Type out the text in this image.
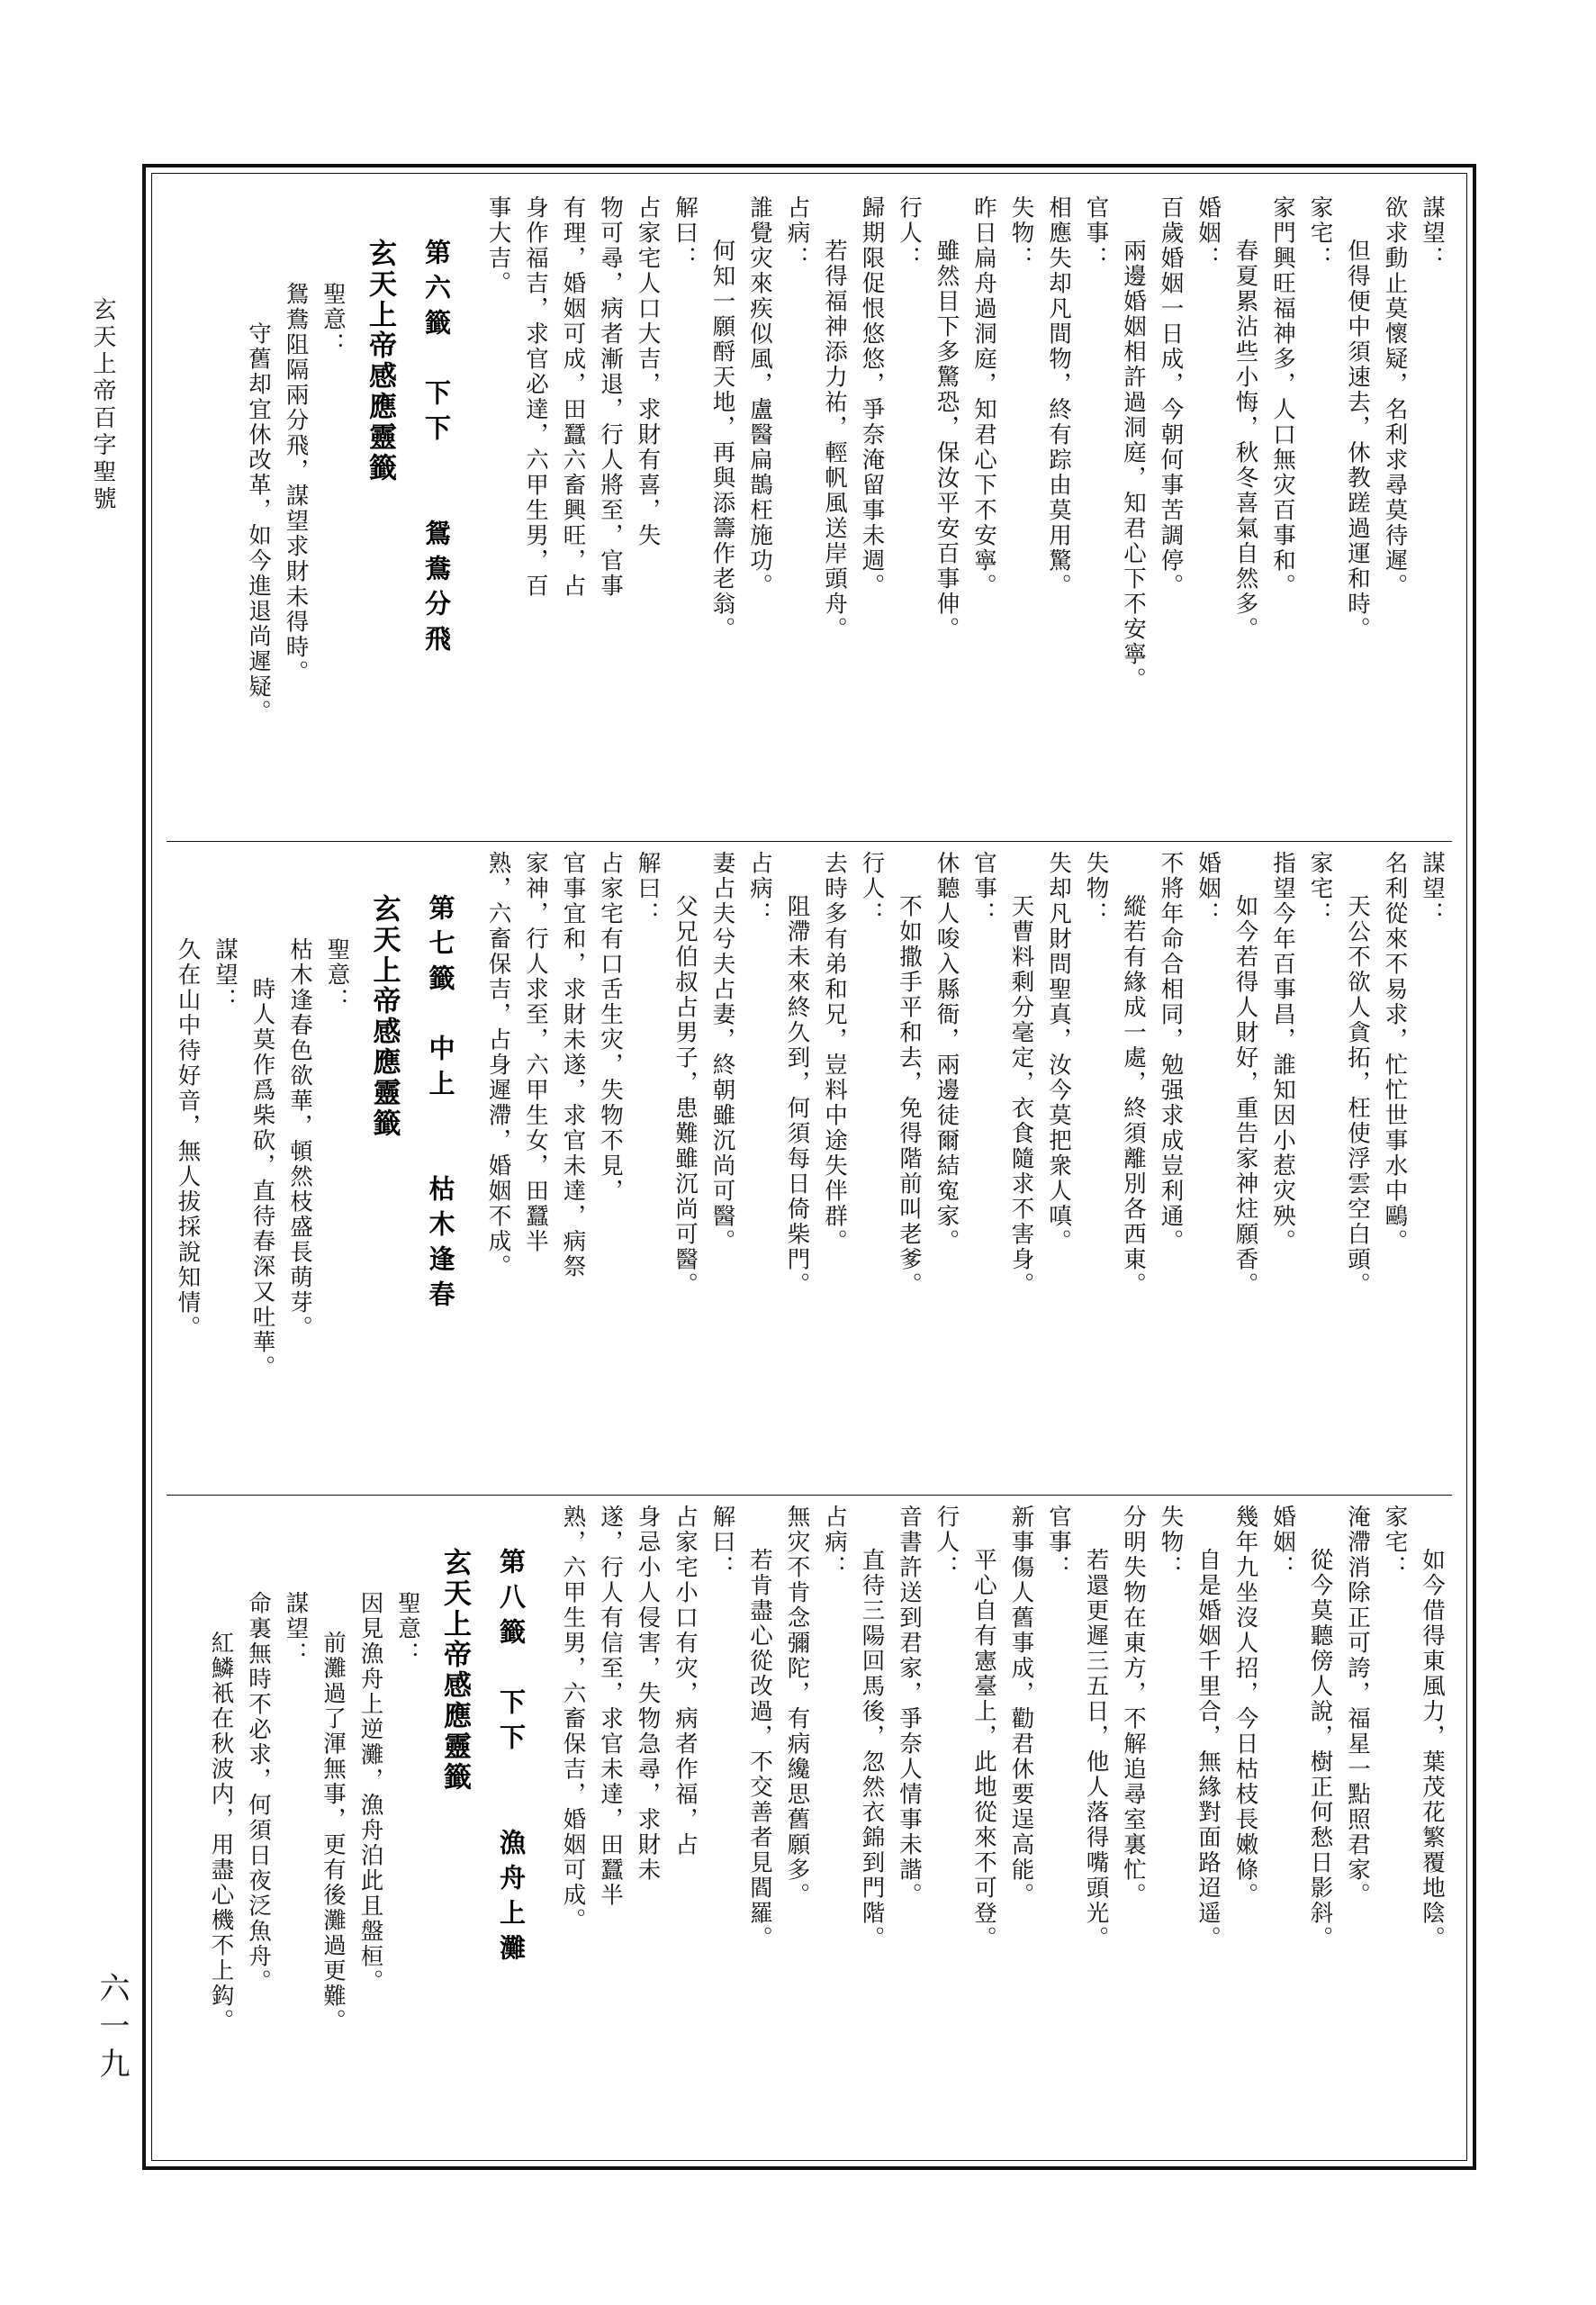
玄天上帝百字聖號
六一九
謀望：
欲求動止莫懷疑，名利求尋莫待遲。
但得便中須速去，休教蹉過運和時。
家宅：
家門興旺福神多，人口無灾百事和。
春夏累沾些小悔，秋冬喜氣自然多。
婚姻：
百歲婚姻一日成，今朝何事苦調停。
兩邊婚姻相許過洞庭，知君心下不安寧。
官事：
相應失却凡間物，終有踪由莫用驚。
失物：
昨日扁舟過洞庭，知君心下不安寧。
雖然目下多驚恐，保汝平安百事伸。
行人：
歸期限促恨悠悠，爭奈淹留事未週。
若得福神添力祐，輕帆風送岸頭舟。
占病：
誰覺灾來疾似風，盧醫扁鵲枉施功。
何知一願酹天地，再與添籌作老翁。
解曰：
占家宅人口大吉，求財有喜，失
物可尋，病者漸退，行人將至，官事
有理，婚姻可成，田蠶六畜興旺，占
身作福吉，求官必達，六甲生男，百
事大吉。
第六籤　下下　　鴛鴦分飛
玄天上帝感應靈籤
聖意：
鴛鴦阻隔兩分飛，謀望求財未得時。
守舊却宜休改革，如今進退尚遲疑。
謀望：
名利從來不易求，忙忙世事水中鷗。
天公不欲人貪拓，枉使浮雲空白頭。
家宅：
指望今年百事昌，誰知因小惹灾殃。
如今若得人財好，重告家神炷願香。
婚姻：
不將年命合相同，勉强求成豈利通。
縱若有緣成一處，終須離別各西東。
失物：
失却凡財問聖真，汝今莫把衆人嗔。
天曹料剩分毫定，衣食隨求不害身。
官事：
休聽人唆入縣衙，兩邊徒爾結寃家。
不如撒手平和去，免得階前叫老爹。
行人：
去時多有弟和兄，豈料中途失伴群。
阻滯未來終久到，何須每日倚柴門。
占病：
妻占夫兮夫占妻，終朝雖沉尚可醫。
父兄伯叔占男子，患難雖沉尚可醫。
解曰：
占家宅有口舌生灾，失物不見，
官事宜和，求財未遂，求官未達，病祭
家神，行人求至，六甲生女，田蠶半
熟，六畜保吉，占身遲滯，婚姻不成。
第七籤　中上　　枯木逢春
玄天上帝感應靈籤
聖意：
枯木逢春色欲華，頓然枝盛長萌芽。
時人莫作爲柴砍，直待春深又吐華。
謀望：
久在山中待好音，無人拔採說知情。
如今借得東風力，葉茂花繁覆地陰。
家宅：
淹滯消除正可誇，福星一點照君家。
從今莫聽傍人說，樹正何愁日影斜。
婚姻：
幾年九坐沒人招，今日枯枝長嫩條。
自是婚姻千里合，無緣對面路迢遥。
失物：
分明失物在東方，不解追尋室裏忙。
若還更遲三五日，他人落得嘴頭光。
官事：
新事傷人舊事成，勸君休要逞高能。
平心自有憲臺上，此地從來不可登。
行人：
音書許送到君家，爭奈人情事未諧。
直待三陽回馬後，忽然衣錦到門階。
占病：
無灾不肯念彌陀，有病纔思舊願多。
若肯盡心從改過，不交善者見閻羅。
解曰：
占家宅小口有灾，病者作福，占
身忌小人侵害，失物急尋，求財未
遂，行人有信至，求官未達，田蠶半
熟，六甲生男，六畜保吉，婚姻可成。
第八籤　下下　　漁舟上灘
玄天上帝感應靈籤
聖意：
因見漁舟上逆灘，漁舟泊此且盤桓。
前灘過了渾無事，更有後灘過更難。
謀望：
命裏無時不必求，何須日夜泛魚舟。
紅鱗衹在秋波内，用盡心機不上鈎。
